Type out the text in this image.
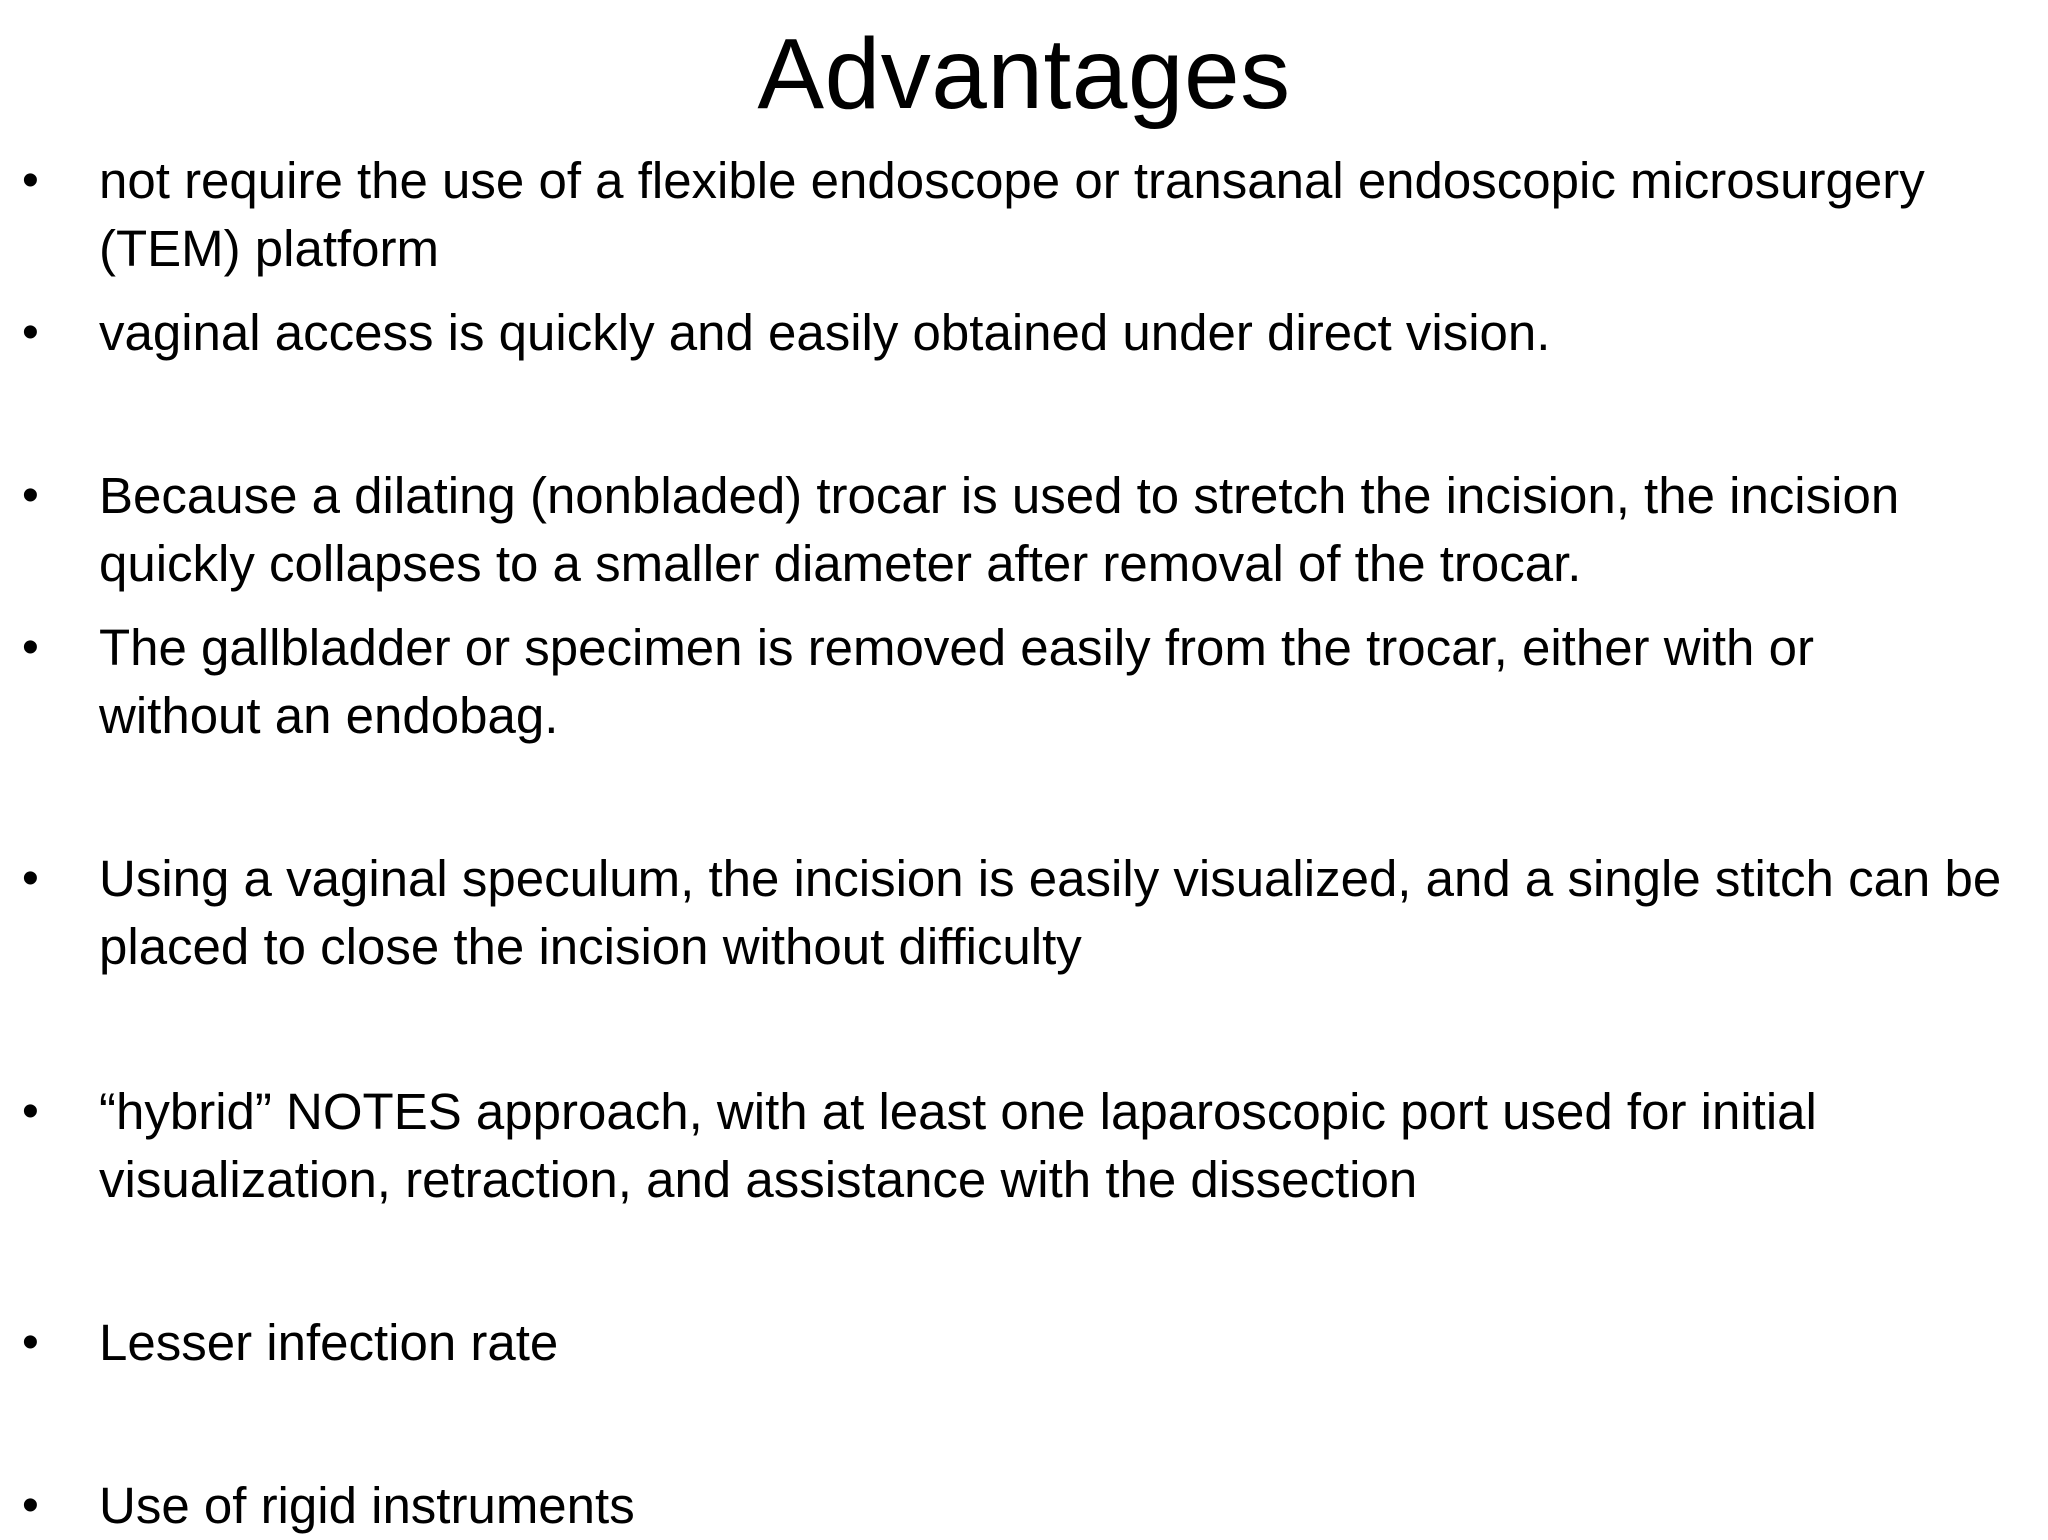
Advantages
•	not require the use of a flexible endoscope or transanal endoscopic microsurgery
(TEM) platform
•	vaginal access is quickly and easily obtained under direct vision.
•	Because a dilating (nonbladed) trocar is used to stretch the incision, the incision
quickly collapses to a smaller diameter after removal of the trocar.
•	The gallbladder or specimen is removed easily from the trocar, either with or
without an endobag.
•	Using a vaginal speculum, the incision is easily visualized, and a single stitch can be
placed to close the incision without difficulty
•	“hybrid” NOTES approach, with at least one laparoscopic port used for initial
visualization, retraction, and assistance with the dissection
•	Lesser infection rate
•	Use of rigid instruments
